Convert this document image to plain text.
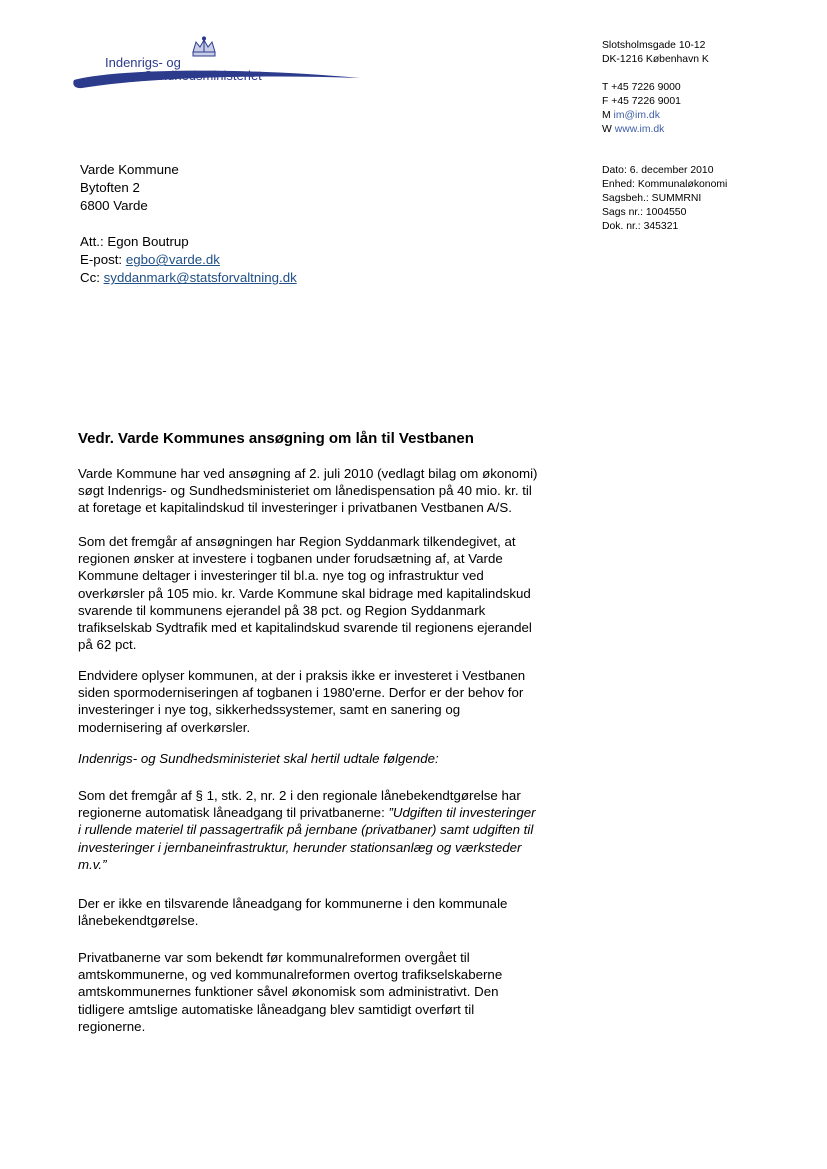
Indenrigs- og
Sundhedsministeriet
Slotsholmsgade 10-12
DK-1216 København K
T +45 7226 9000
F +45 7226 9001
M im@im.dk
W www.im.dk
Dato: 6. december 2010
Enhed: Kommunaløkonomi
Sagsbeh.: SUMMRNI
Sags nr.: 1004550
Dok. nr.: 345321
Varde Kommune
Bytoften 2
6800 Varde
Att.: Egon Boutrup
E-post: egbo@varde.dk
Cc: syddanmark@statsforvaltning.dk
Vedr. Varde Kommunes ansøgning om lån til Vestbanen
Varde Kommune har ved ansøgning af 2. juli 2010 (vedlagt bilag om økonomi)
søgt Indenrigs- og Sundhedsministeriet om lånedispensation på 40 mio. kr. til
at foretage et kapitalindskud til investeringer i privatbanen Vestbanen A/S.
Som det fremgår af ansøgningen har Region Syddanmark tilkendegivet, at
regionen ønsker at investere i togbanen under forudsætning af, at Varde
Kommune deltager i investeringer til bl.a. nye tog og infrastruktur ved
overkørsler på 105 mio. kr. Varde Kommune skal bidrage med kapitalindskud
svarende til kommunens ejerandel på 38 pct. og Region Syddanmark
trafikselskab Sydtrafik med et kapitalindskud svarende til regionens ejerandel
på 62 pct.
Endvidere oplyser kommunen, at der i praksis ikke er investeret i Vestbanen
siden spormoderniseringen af togbanen i 1980'erne. Derfor er der behov for
investeringer i nye tog, sikkerhedssystemer, samt en sanering og
modernisering af overkørsler.
Indenrigs- og Sundhedsministeriet skal hertil udtale følgende:
Som det fremgår af § 1, stk. 2, nr. 2 i den regionale lånebekendtgørelse har
regionerne automatisk låneadgang til privatbanerne: ”Udgiften til investeringer
i rullende materiel til passagertrafik på jernbane (privatbaner) samt udgiften til
investeringer i jernbaneinfrastruktur, herunder stationsanlæg og værksteder
m.v.”
Der er ikke en tilsvarende låneadgang for kommunerne i den kommunale
lånebekendtgørelse.
Privatbanerne var som bekendt før kommunalreformen overgået til
amtskommunerne, og ved kommunalreformen overtog trafikselskaberne
amtskommunernes funktioner såvel økonomisk som administrativt. Den
tidligere amtslige automatiske låneadgang blev samtidigt overført til
regionerne.
